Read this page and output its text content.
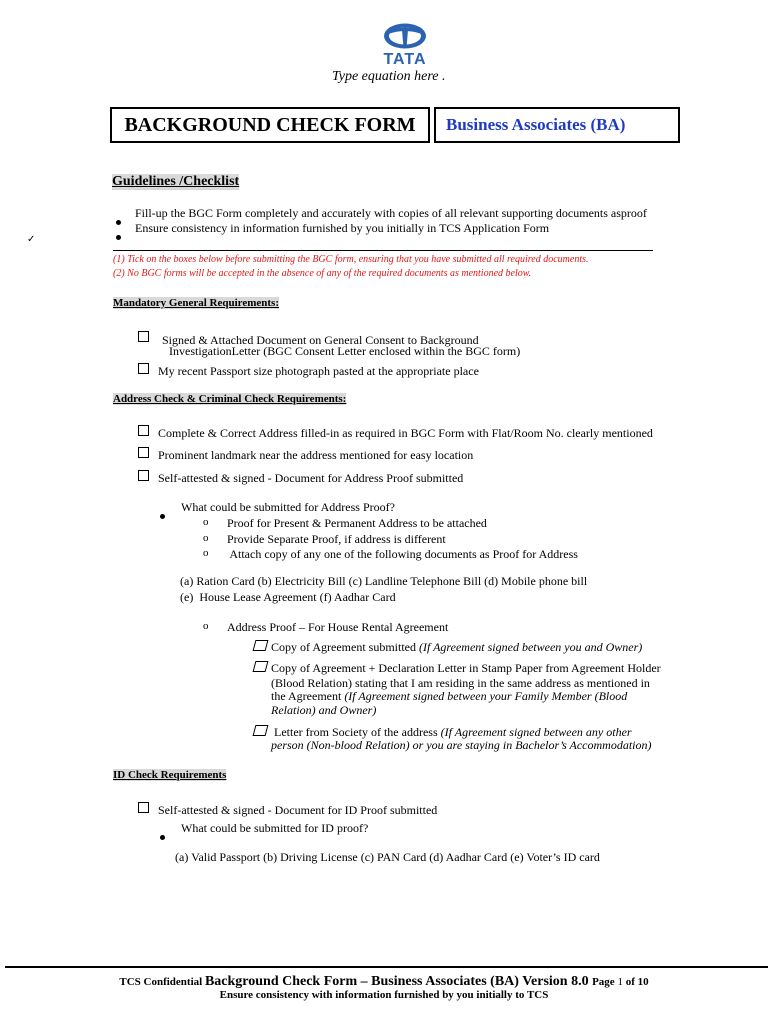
TATA
Type equation here .
BACKGROUND CHECK FORM Business Associates (BA)
Guidelines /Checklist
Fill-up the BGC Form completely and accurately with copies of all relevant supporting documents asproof
Ensure consistency in information furnished by you initially in TCS Application Form
✓
(1) Tick on the boxes below before submitting the BGC form, ensuring that you have submitted all required documents.
(2) No BGC forms will be accepted in the absence of any of the required documents as mentioned below.
Mandatory General Requirements:
Signed & Attached Document on General Consent to Background
InvestigationLetter (BGC Consent Letter enclosed within the BGC form)
My recent Passport size photograph pasted at the appropriate place
Address Check & Criminal Check Requirements:
Complete & Correct Address filled-in as required in BGC Form with Flat/Room No. clearly mentioned
Prominent landmark near the address mentioned for easy location
Self-attested & signed - Document for Address Proof submitted
What could be submitted for Address Proof?
o Proof for Present & Permanent Address to be attached
o Provide Separate Proof, if address is different
o Attach copy of any one of the following documents as Proof for Address
(a) Ration Card (b) Electricity Bill (c) Landline Telephone Bill (d) Mobile phone bill
(e)  House Lease Agreement (f) Aadhar Card
o Address Proof – For House Rental Agreement
Copy of Agreement submitted (If Agreement signed between you and Owner)
Copy of Agreement + Declaration Letter in Stamp Paper from Agreement Holder
(Blood Relation) stating that I am residing in the same address as mentioned in
the Agreement (If Agreement signed between your Family Member (Blood
Relation) and Owner)
Letter from Society of the address (If Agreement signed between any other
person (Non-blood Relation) or you are staying in Bachelor’s Accommodation)
ID Check Requirements
Self-attested & signed - Document for ID Proof submitted
What could be submitted for ID proof?
(a) Valid Passport (b) Driving License (c) PAN Card (d) Aadhar Card (e) Voter’s ID card
TCS Confidential Background Check Form – Business Associates (BA) Version 8.0 Page 1 of 10
Ensure consistency with information furnished by you initially to TCS
